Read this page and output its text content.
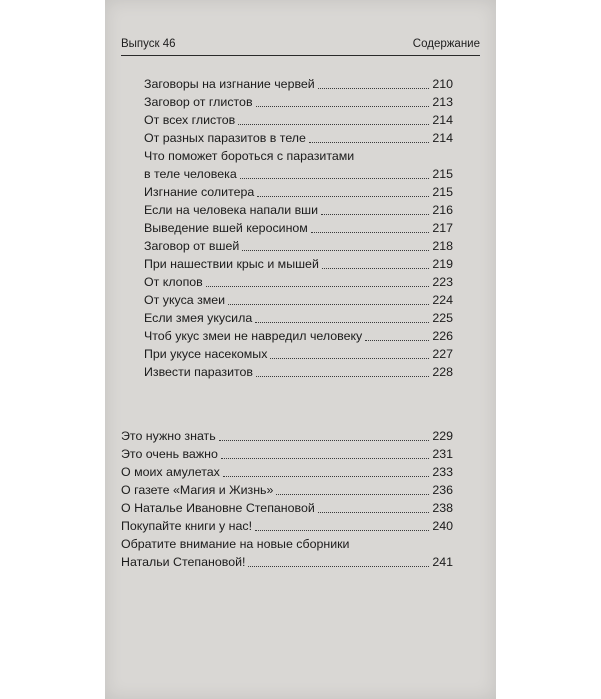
Выпуск 46	Содержание
Заговоры на изгнание червей	210
Заговор от глистов	213
От всех глистов	214
От разных паразитов в теле	214
Что поможет бороться с паразитами
в теле человека	215
Изгнание солитера	215
Если на человека напали вши	216
Выведение вшей керосином	217
Заговор от вшей	218
При нашествии крыс и мышей	219
От клопов	223
От укуса змеи	224
Если змея укусила	225
Чтоб укус змеи не навредил человеку	226
При укусе насекомых	227
Извести паразитов	228
Это нужно знать	229
Это очень важно	231
О моих амулетах	233
О газете «Магия и Жизнь»	236
О Наталье Ивановне Степановой	238
Покупайте книги у нас!	240
Обратите внимание на новые сборники
Натальи Степановой!	241
